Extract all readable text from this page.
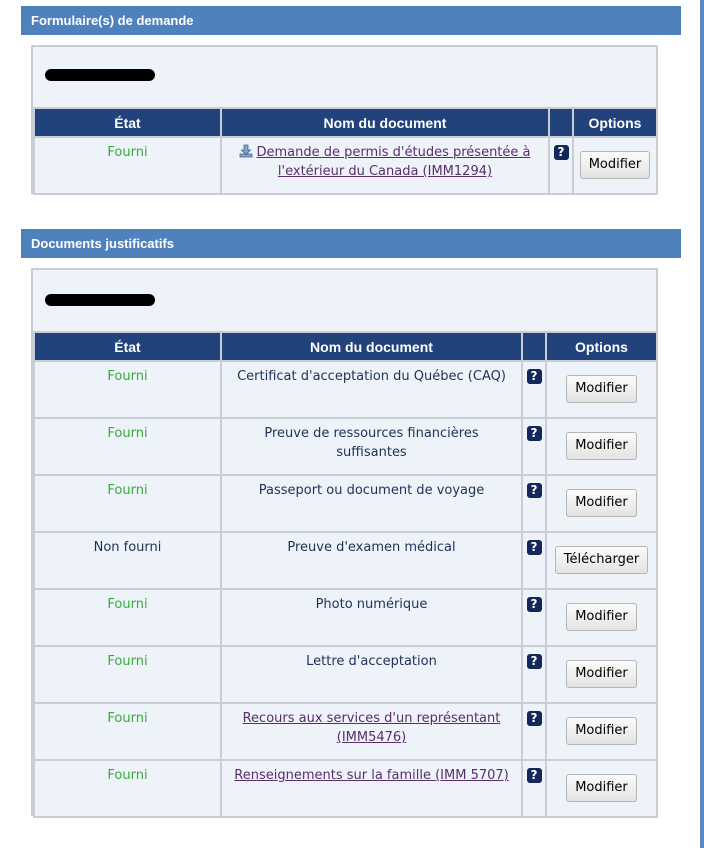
Formulaire(s) de demande
État	Nom du document		Options
Fourni	Demande de permis d'études présentée à l'extérieur du Canada (IMM1294)	?	Modifier
Documents justificatifs
État	Nom du document		Options
Fourni	Certificat d'acceptation du Québec (CAQ)	?	Modifier
Fourni	Preuve de ressources financières suffisantes	?	Modifier
Fourni	Passeport ou document de voyage	?	Modifier
Non fourni	Preuve d'examen médical	?	Télécharger
Fourni	Photo numérique	?	Modifier
Fourni	Lettre d'acceptation	?	Modifier
Fourni	Recours aux services d'un représentant (IMM5476)	?	Modifier
Fourni	Renseignements sur la famille (IMM 5707)	?	Modifier
